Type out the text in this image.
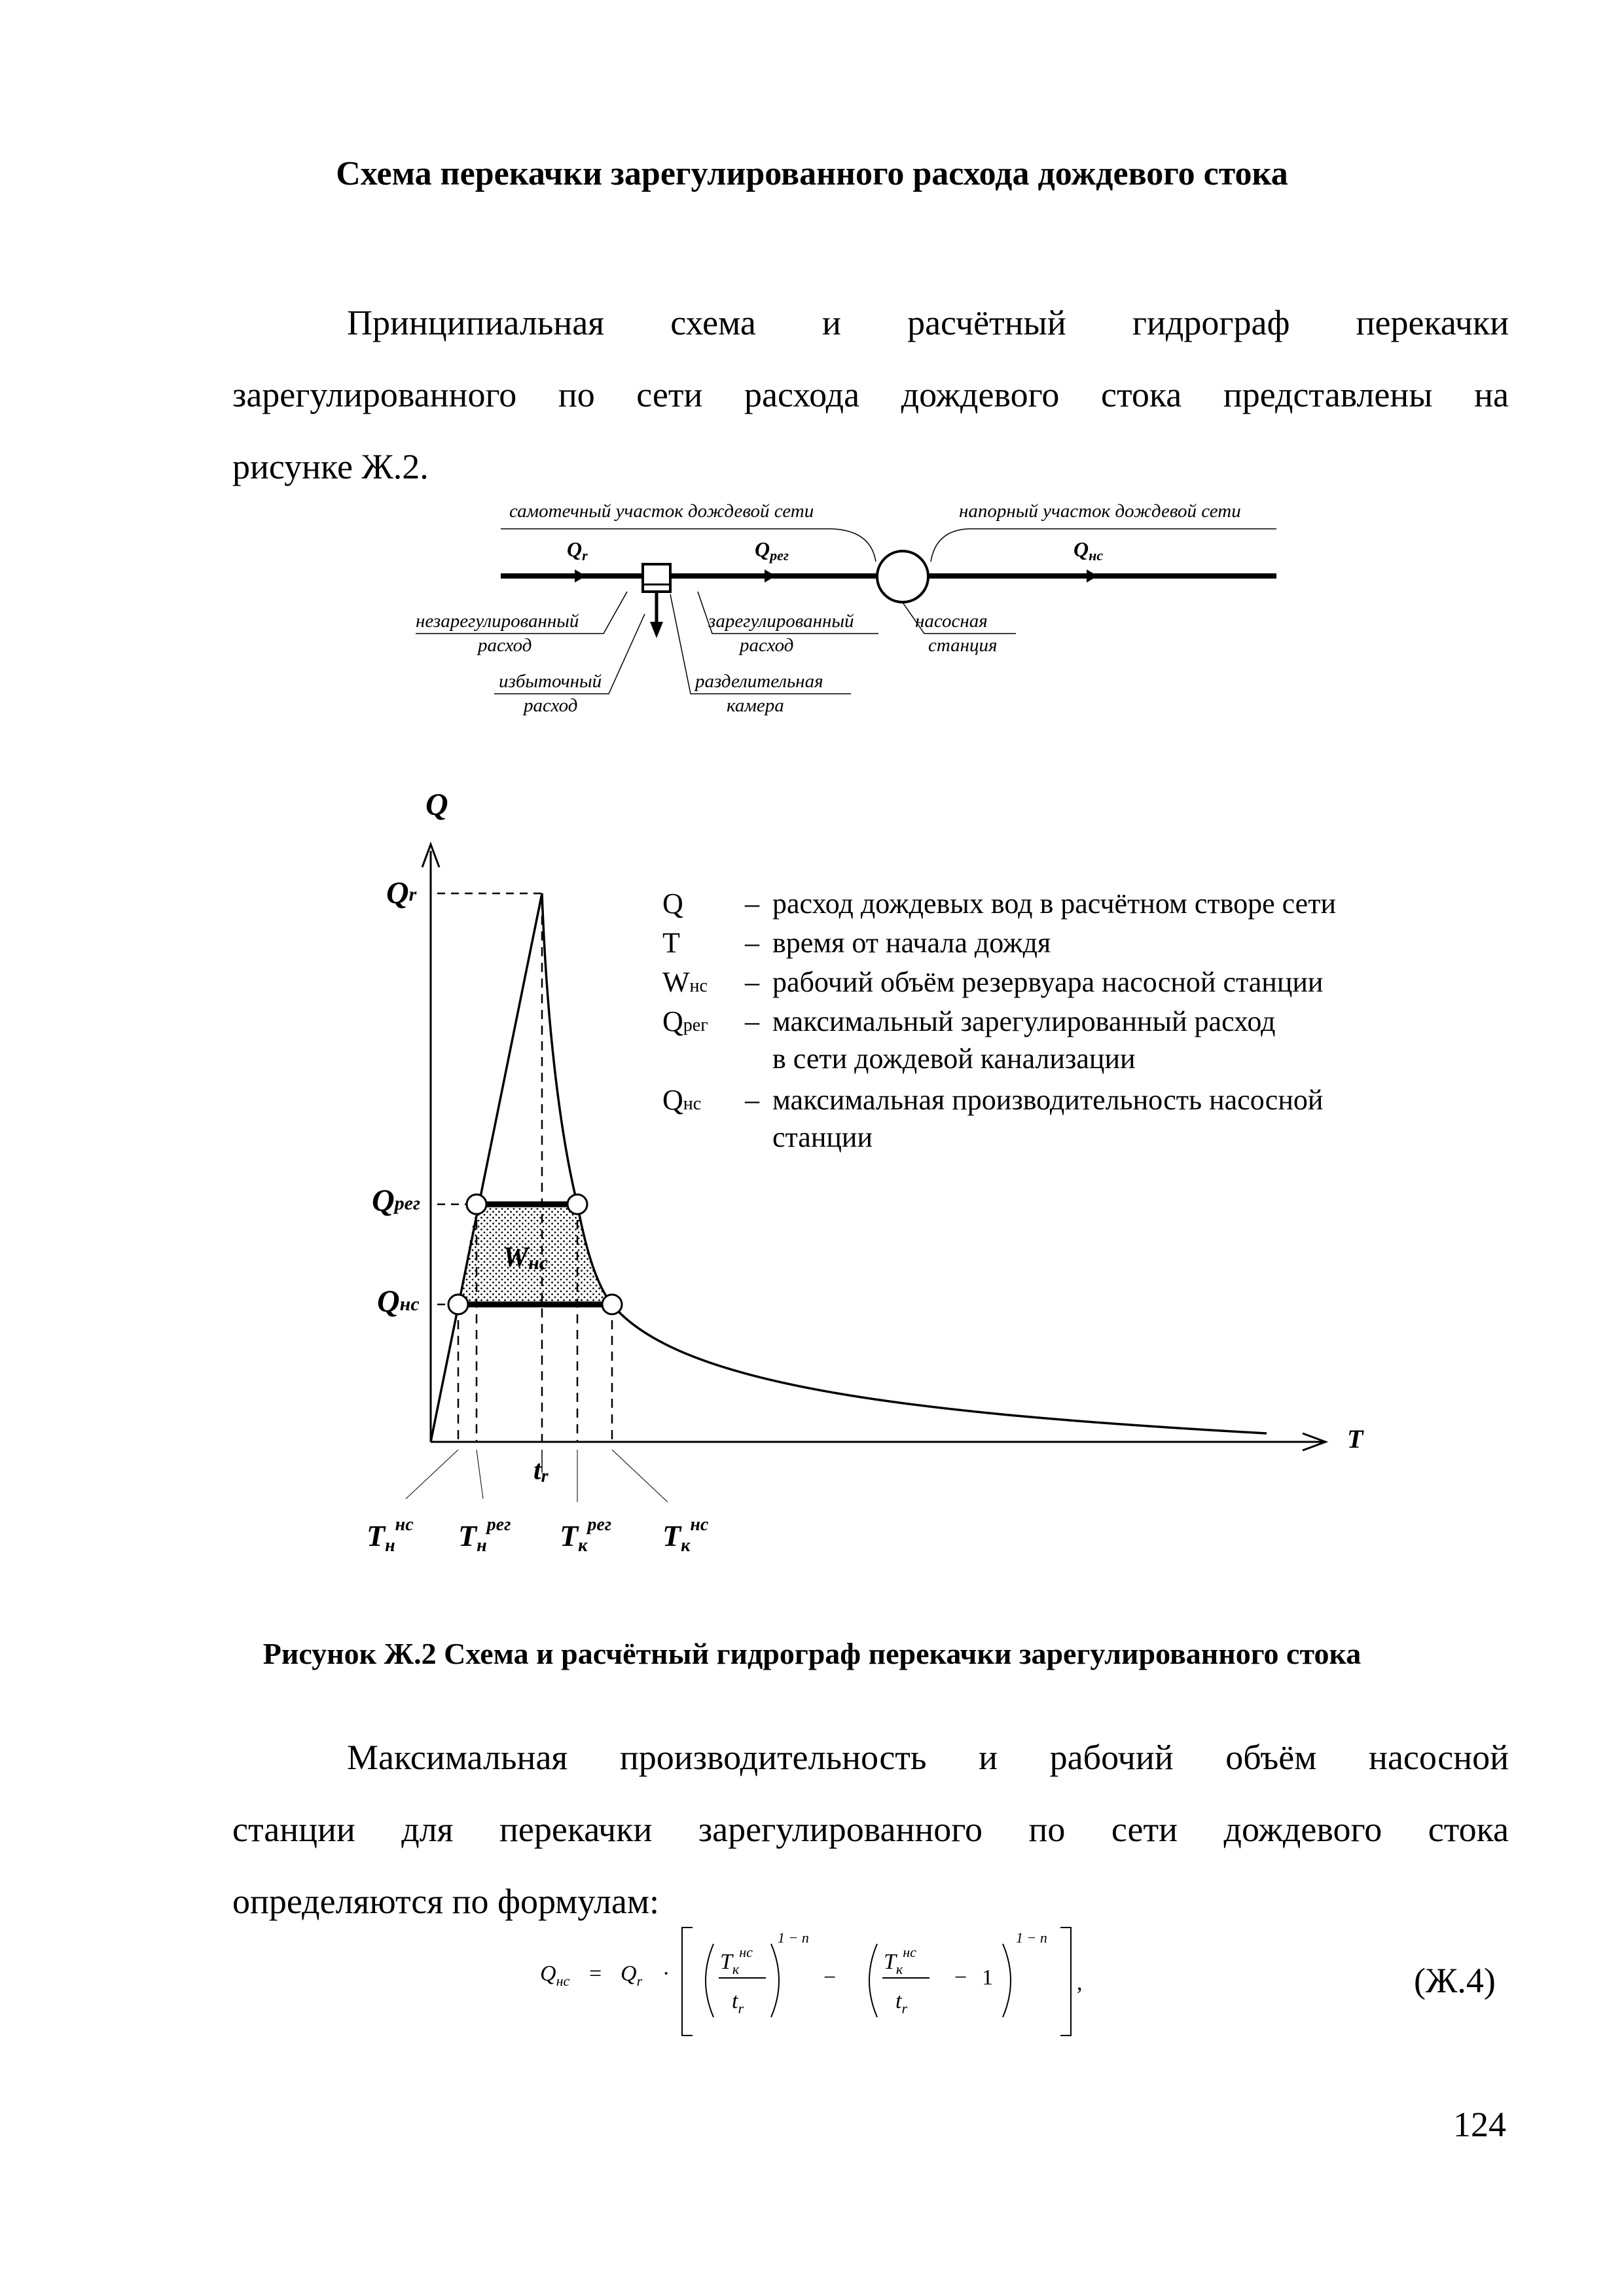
Схема перекачки зарегулированного расхода дождевого стока
Принципиальная схема и расчётный гидрограф перекачки
зарегулированного по сети расхода дождевого стока представлены на
рисунке Ж.2.
самотечный участок дождевой сети	напорный участок дождевой сети
Qr	Qрег	Qнс
незарегулированный
расход
зарегулированный
расход
насосная
станция
избыточный
расход
разделительная
камера
Q
T
Qr
Qрег
Qнс
Wнс
tr
$Tн^{нс}$ $Tн^{рег}$ $Tк^{рег}$ $Tк^{нс}$
Q – расход дождевых вод в расчётном створе сети
T – время от начала дождя
Wнс – рабочий объём резервуара насосной станции
Qрег – максимальный зарегулированный расход
в сети дождевой канализации
Qнс – максимальная производительность насосной
станции
$Q_{нс} = Q_r \cdot T_к^{нс}$
$t_r$
1 − n
−
$T_к^{нс}$
$t_r$
− 1
1 − n
,
Рисунок Ж.2 Схема и расчётный гидрограф перекачки зарегулированного стока
Максимальная производительность и рабочий объём насосной
станции для перекачки зарегулированного по сети дождевого стока
определяются по формулам:
(Ж.4)
124
